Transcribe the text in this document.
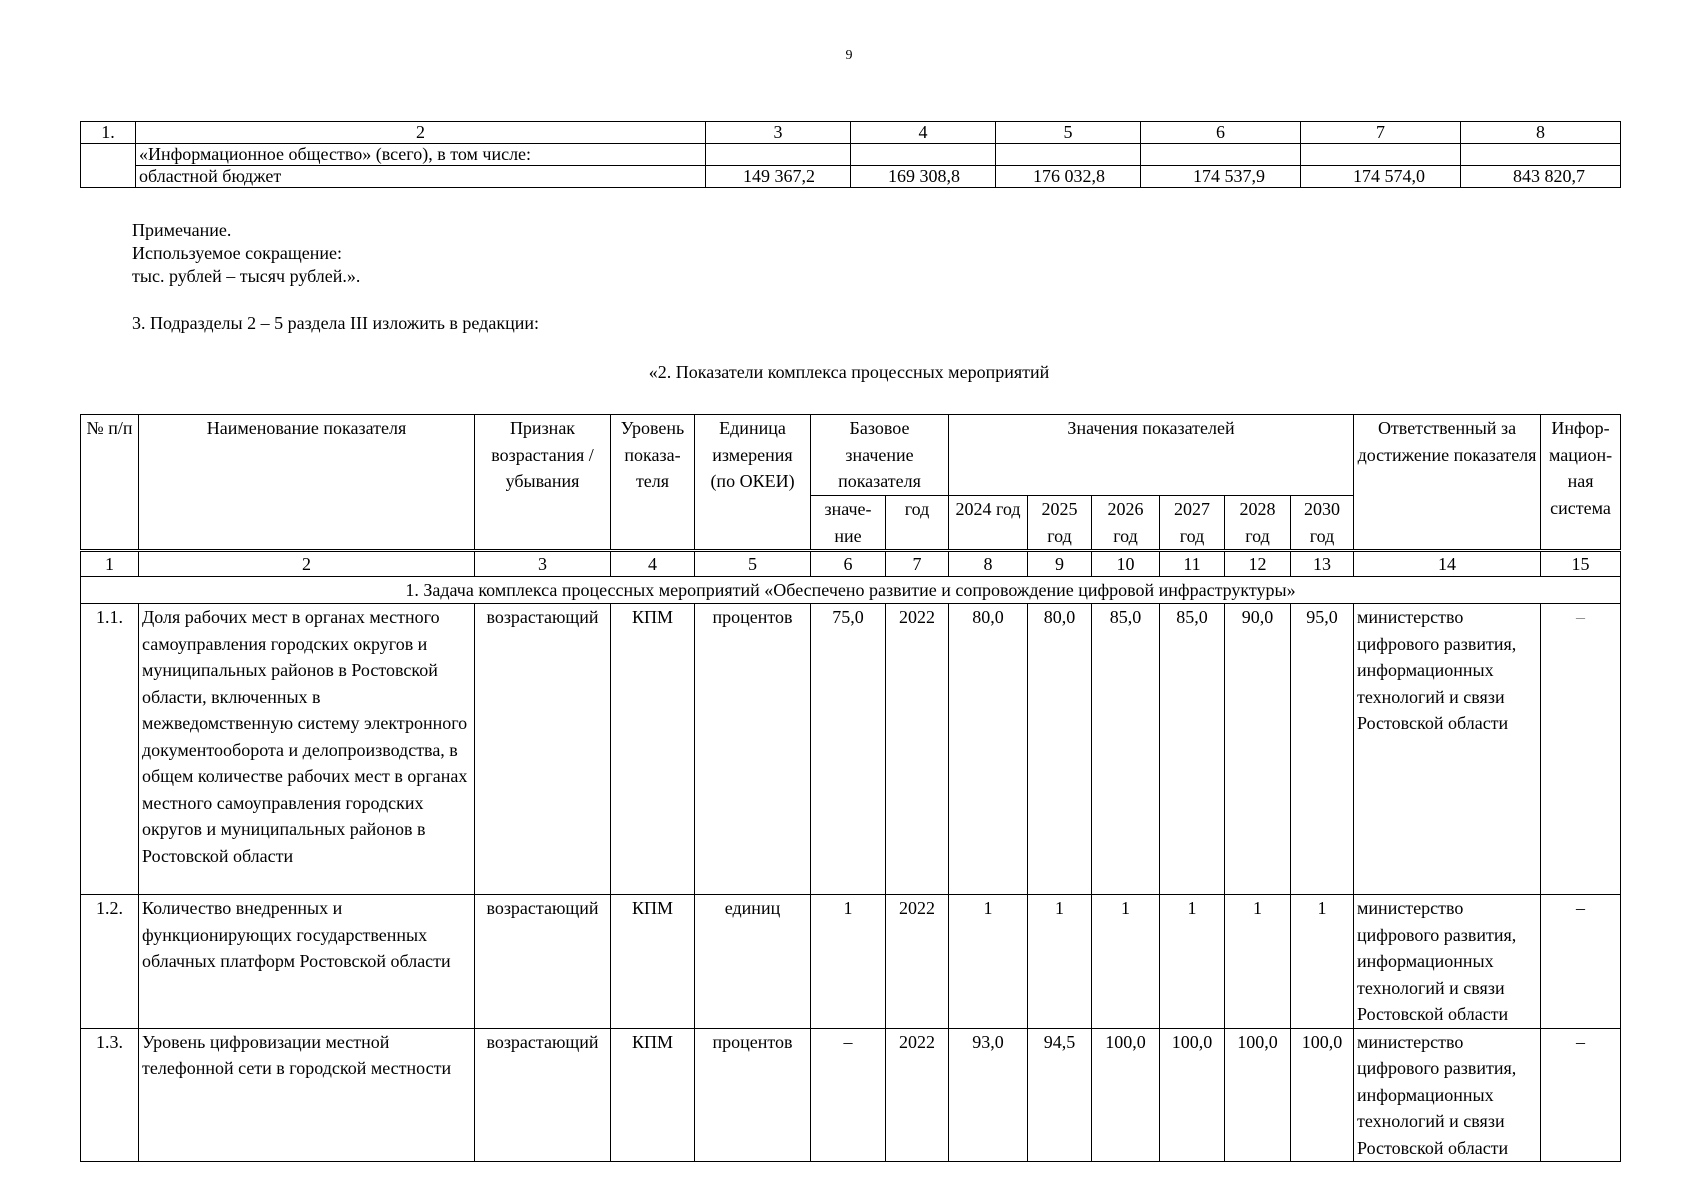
9
1.	2	3	4	5	6	7	8
	«Информационное общество» (всего), в том числе:						
	областной бюджет	149 367,2	169 308,8	176 032,8	174 537,9	174 574,0	843 820,7
Примечание.
Используемое сокращение:
тыс. рублей – тысяч рублей.».
3. Подразделы 2 – 5 раздела III изложить в редакции:
«2. Показатели комплекса процессных мероприятий
№ п/п	Наименование показателя	Признак возрастания / убывания	Уровень показа-теля	Единица измерения (по ОКЕИ)	Базовое значение показателя		Значения показателей						Ответственный за достижение показателя	Инфор-мацион-ная система
					значе-ние	год	2024 год	2025 год	2026 год	2027 год	2028 год	2030 год		
1	2	3	4	5	6	7	8	9	10	11	12	13	14	15
1. Задача комплекса процессных мероприятий «Обеспечено развитие и сопровождение цифровой инфраструктуры»														
1.1.	Доля рабочих мест в органах местного самоуправления городских округов и муниципальных районов в Ростовской области, включенных в межведомственную систему электронного документооборота и делопроизводства, в общем количестве рабочих мест в органах местного самоуправления городских округов и муниципальных районов в Ростовской области	возрастающий	КПМ	процентов	75,0	2022	80,0	80,0	85,0	85,0	90,0	95,0	министерство цифрового развития, информационных технологий и связи Ростовской области	–
1.2.	Количество внедренных и функционирующих государственных облачных платформ Ростовской области	возрастающий	КПМ	единиц	1	2022	1	1	1	1	1	1	министерство цифрового развития, информационных технологий и связи Ростовской области	–
1.3.	Уровень цифровизации местной телефонной сети в городской местности	возрастающий	КПМ	процентов	–	2022	93,0	94,5	100,0	100,0	100,0	100,0	министерство цифрового развития, информационных технологий и связи Ростовской области	–
